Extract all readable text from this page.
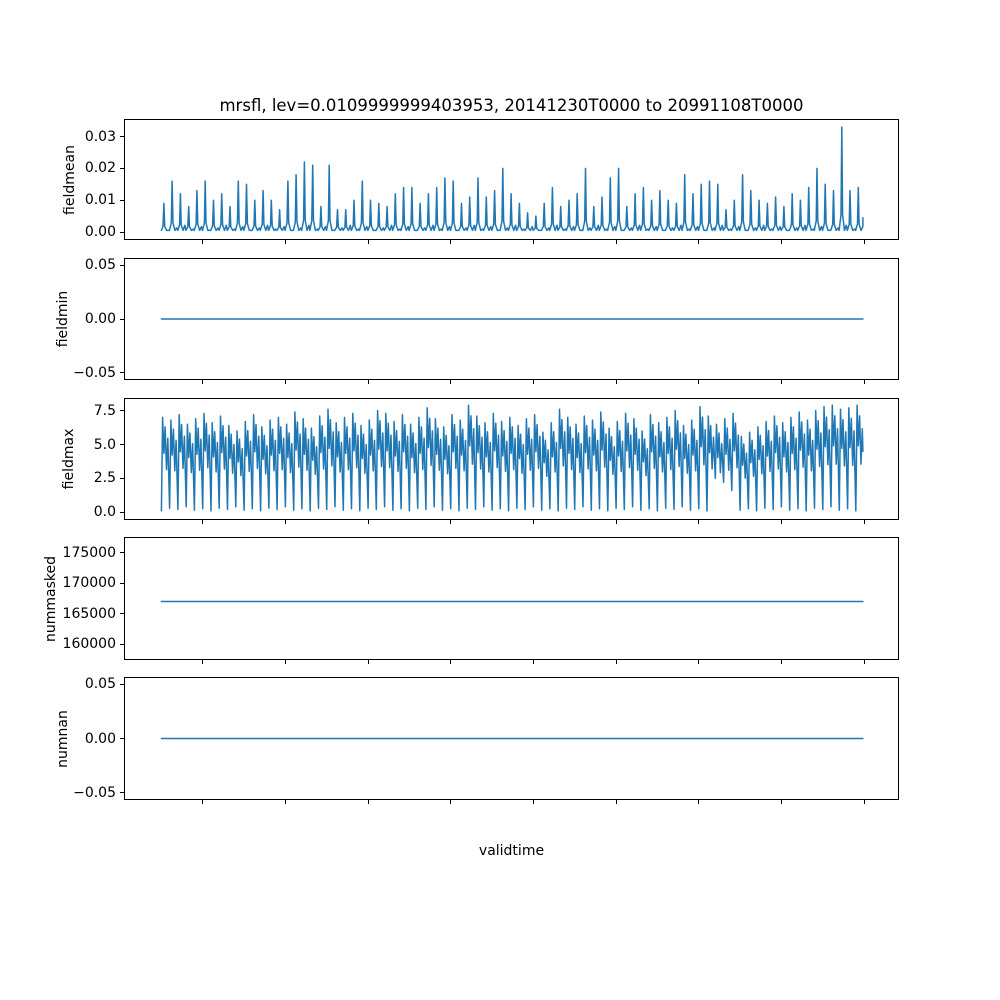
mrsfl, lev=0.0109999999403953, 20141230T0000 to 20991108T0000
fieldmean
0.00
0.01
0.02
0.03
fieldmin
−0.05
0.00
0.05
fieldmax
0.0
2.5
5.0
7.5
nummasked
160000
165000
170000
175000
numnan
−0.05
0.00
0.05
validtime
